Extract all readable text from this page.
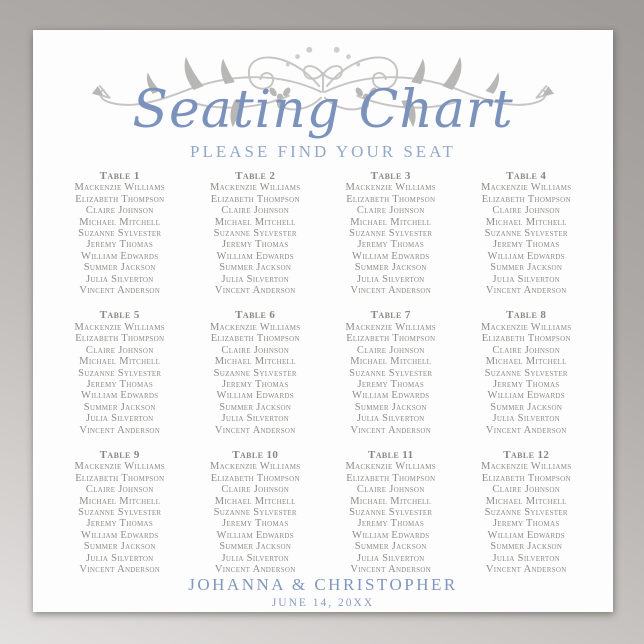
Seating Chart
PLEASE FIND YOUR SEAT
Table 1
Mackenzie Williams
Elizabeth Thompson
Claire Johnson
Michael Mitchell
Suzanne Sylvester
Jeremy Thomas
William Edwards
Summer Jackson
Julia Silverton
Vincent Anderson
Table 2
Mackenzie Williams
Elizabeth Thompson
Claire Johnson
Michael Mitchell
Suzanne Sylvester
Jeremy Thomas
William Edwards
Summer Jackson
Julia Silverton
Vincent Anderson
Table 3
Mackenzie Williams
Elizabeth Thompson
Claire Johnson
Michael Mitchell
Suzanne Sylvester
Jeremy Thomas
William Edwards
Summer Jackson
Julia Silverton
Vincent Anderson
Table 4
Mackenzie Williams
Elizabeth Thompson
Claire Johnson
Michael Mitchell
Suzanne Sylvester
Jeremy Thomas
William Edwards
Summer Jackson
Julia Silverton
Vincent Anderson
Table 5
Mackenzie Williams
Elizabeth Thompson
Claire Johnson
Michael Mitchell
Suzanne Sylvester
Jeremy Thomas
William Edwards
Summer Jackson
Julia Silverton
Vincent Anderson
Table 6
Mackenzie Williams
Elizabeth Thompson
Claire Johnson
Michael Mitchell
Suzanne Sylvester
Jeremy Thomas
William Edwards
Summer Jackson
Julia Silverton
Vincent Anderson
Table 7
Mackenzie Williams
Elizabeth Thompson
Claire Johnson
Michael Mitchell
Suzanne Sylvester
Jeremy Thomas
William Edwards
Summer Jackson
Julia Silverton
Vincent Anderson
Table 8
Mackenzie Williams
Elizabeth Thompson
Claire Johnson
Michael Mitchell
Suzanne Sylvester
Jeremy Thomas
William Edwards
Summer Jackson
Julia Silverton
Vincent Anderson
Table 9
Mackenzie Williams
Elizabeth Thompson
Claire Johnson
Michael Mitchell
Suzanne Sylvester
Jeremy Thomas
William Edwards
Summer Jackson
Julia Silverton
Vincent Anderson
Table 10
Mackenzie Williams
Elizabeth Thompson
Claire Johnson
Michael Mitchell
Suzanne Sylvester
Jeremy Thomas
William Edwards
Summer Jackson
Julia Silverton
Vincent Anderson
Table 11
Mackenzie Williams
Elizabeth Thompson
Claire Johnson
Michael Mitchell
Suzanne Sylvester
Jeremy Thomas
William Edwards
Summer Jackson
Julia Silverton
Vincent Anderson
Table 12
Mackenzie Williams
Elizabeth Thompson
Claire Johnson
Michael Mitchell
Suzanne Sylvester
Jeremy Thomas
William Edwards
Summer Jackson
Julia Silverton
Vincent Anderson
JOHANNA & CHRISTOPHER
JUNE 14, 20XX
